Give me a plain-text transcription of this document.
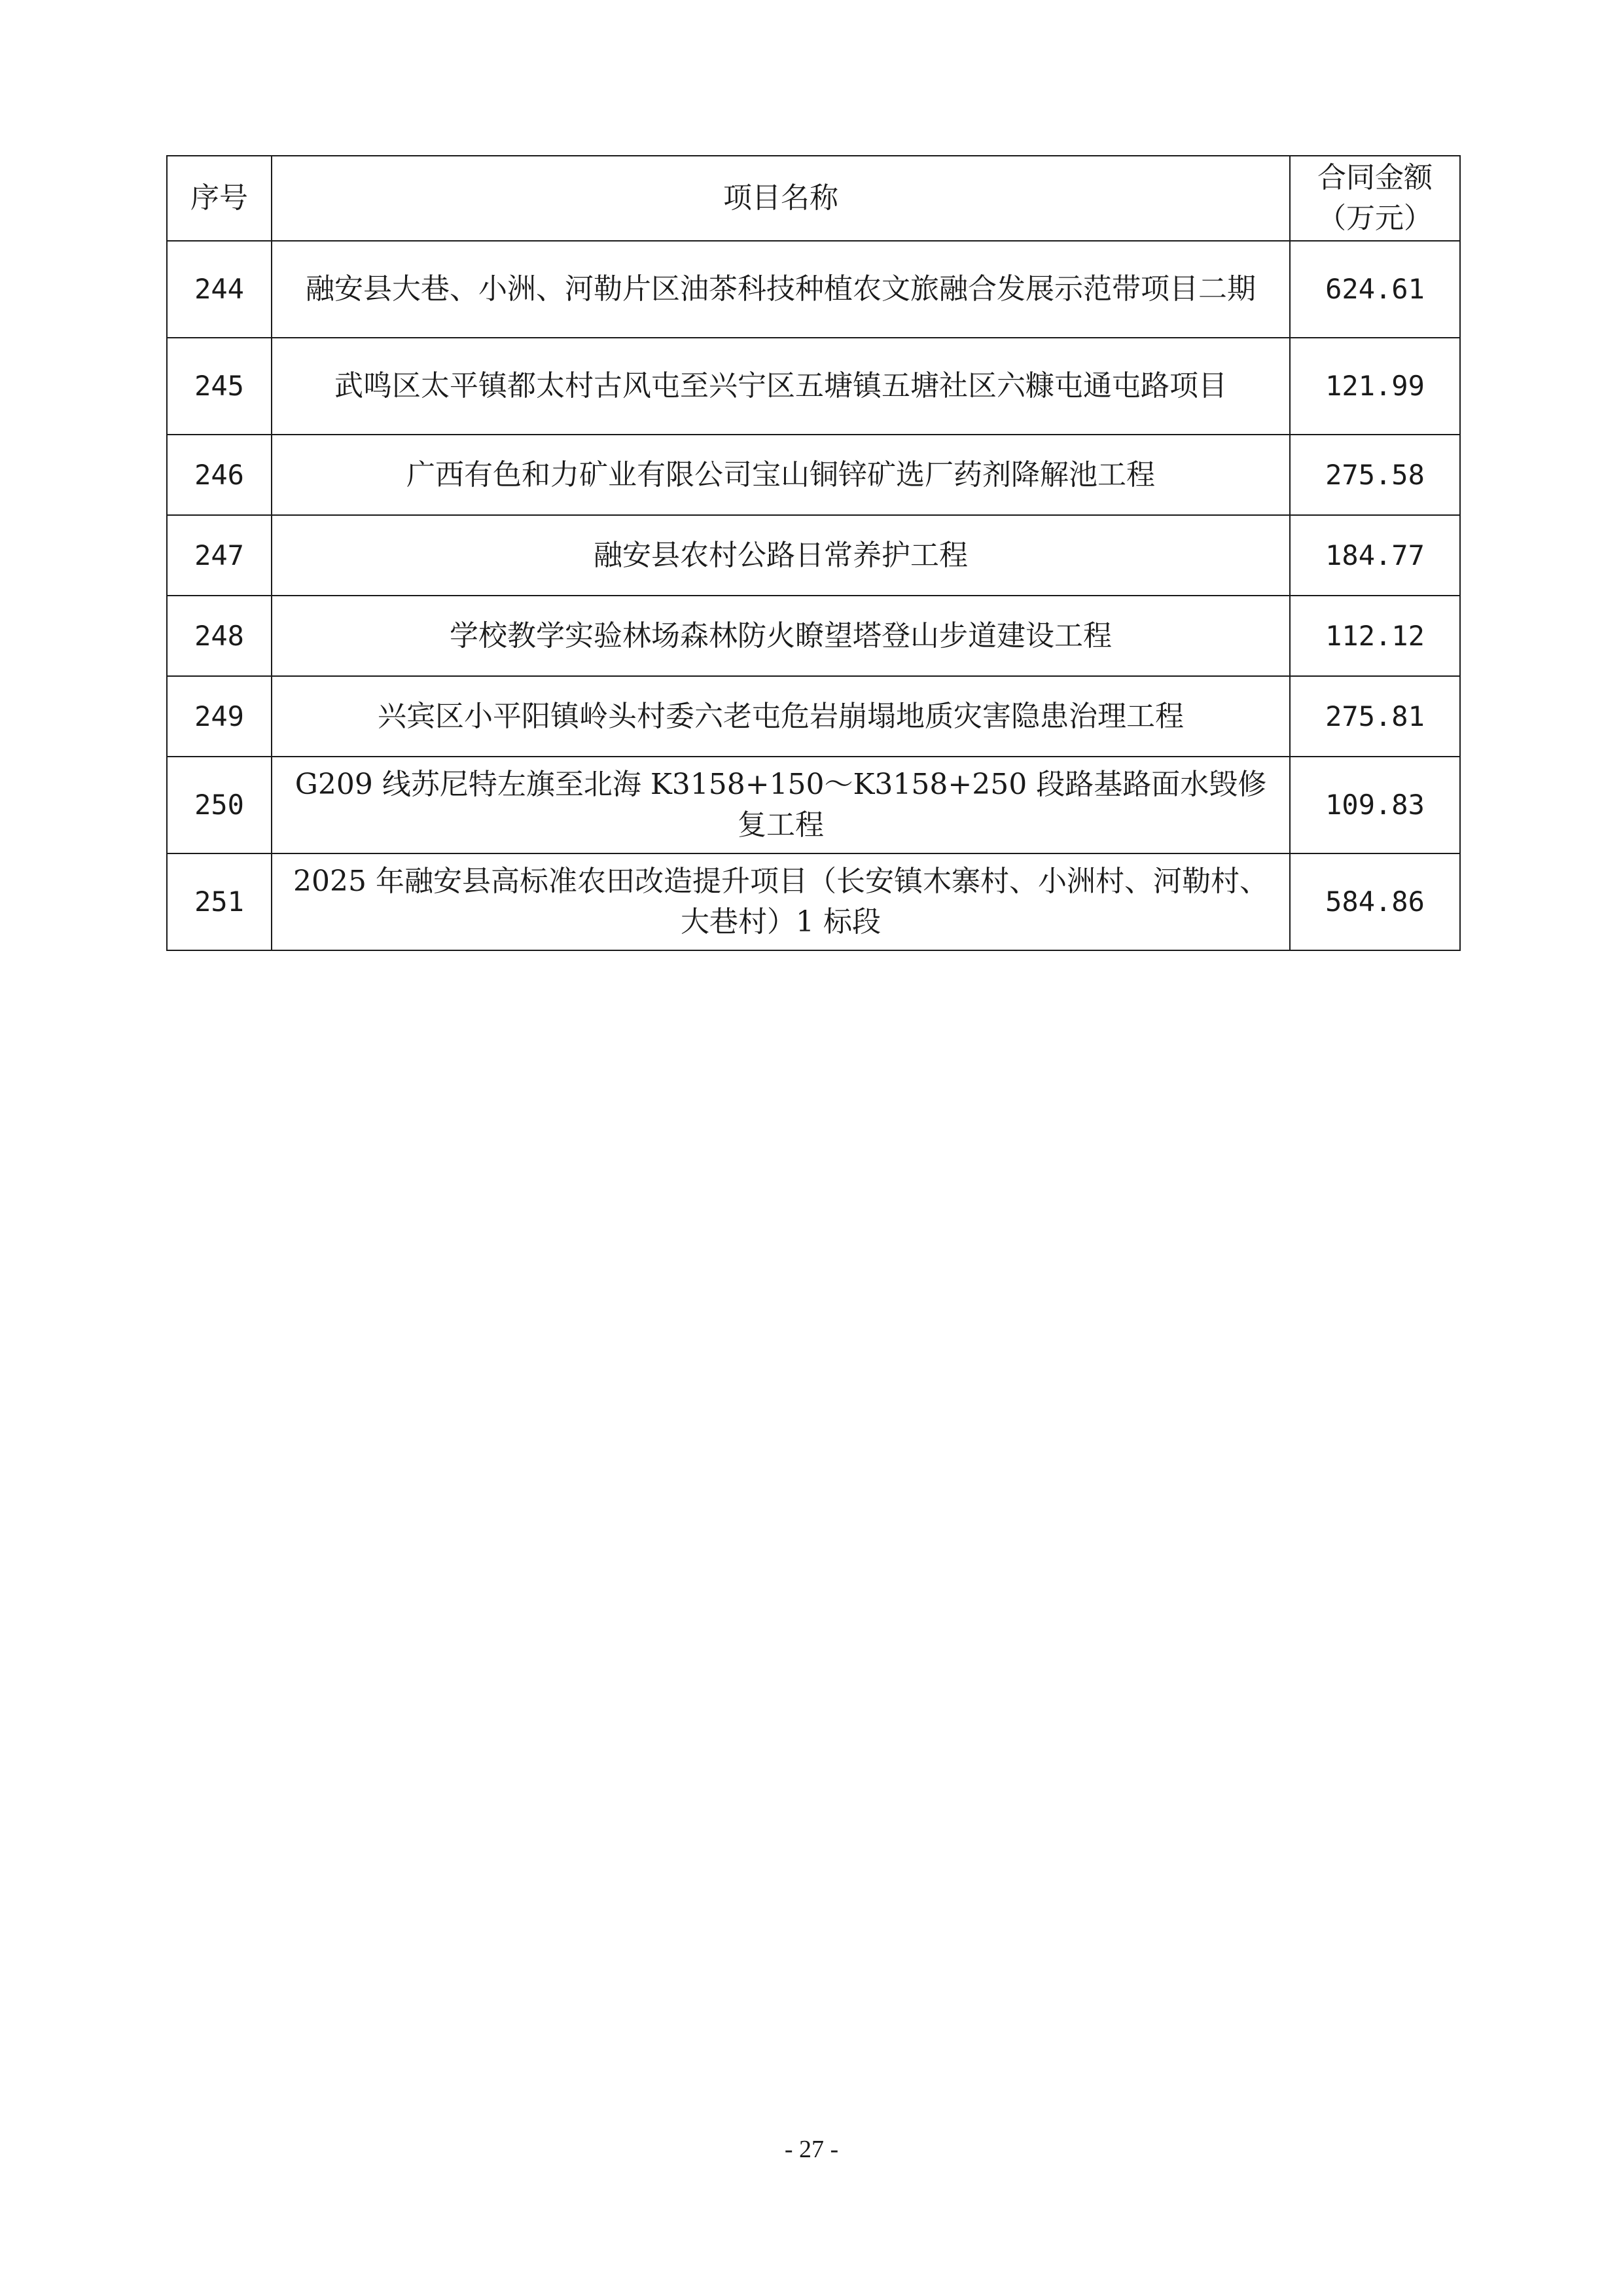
序号	项目名称	合同金额（万元）
244	融安县大巷、小洲、河勒片区油茶科技种植农文旅融合发展示范带项目二期	624.61
245	武鸣区太平镇都太村古风屯至兴宁区五塘镇五塘社区六糠屯通屯路项目	121.99
246	广西有色和力矿业有限公司宝山铜锌矿选厂药剂降解池工程	275.58
247	融安县农村公路日常养护工程	184.77
248	学校教学实验林场森林防火瞭望塔登山步道建设工程	112.12
249	兴宾区小平阳镇岭头村委六老屯危岩崩塌地质灾害隐患治理工程	275.81
250	G209 线苏尼特左旗至北海 K3158+150～K3158+250 段路基路面水毁修复工程	109.83
251	2025 年融安县高标准农田改造提升项目（长安镇木寨村、小洲村、河勒村、大巷村）1 标段	584.86
- 27 -
